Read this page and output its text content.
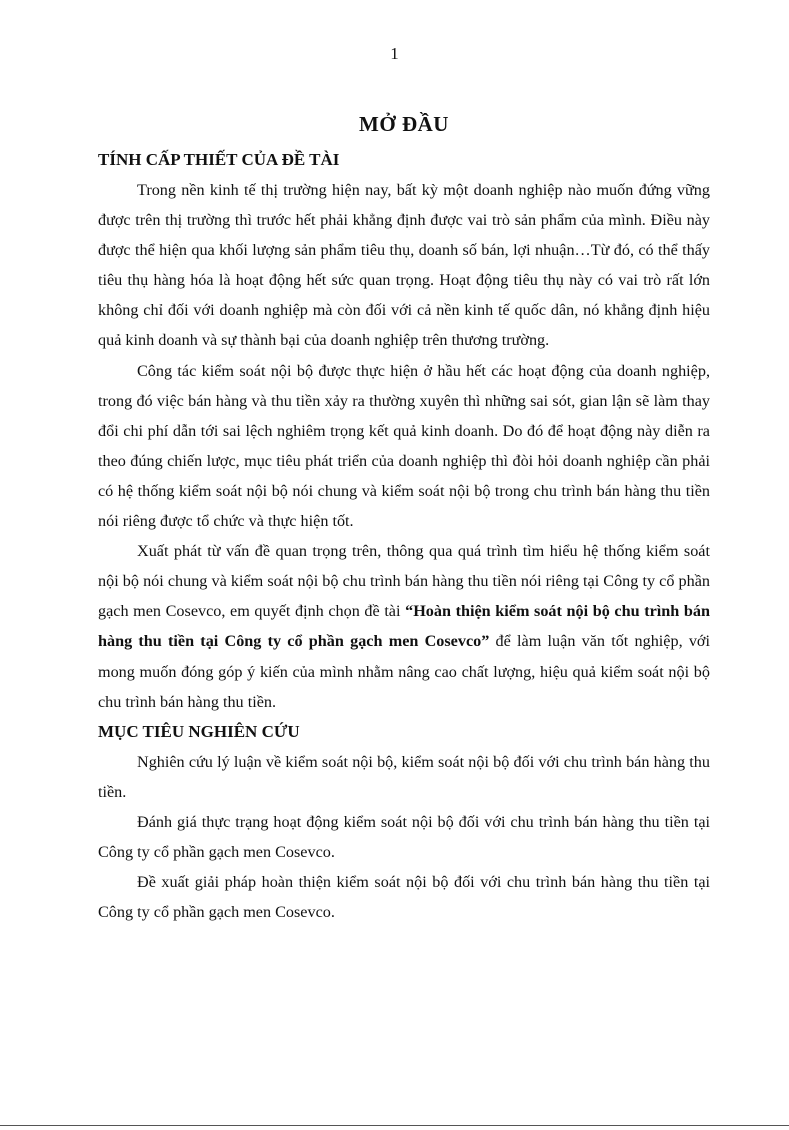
1
MỞ ĐẦU
TÍNH CẤP THIẾT CỦA ĐỀ TÀI

Trong nền kinh tế thị trường hiện nay, bất kỳ một doanh nghiệp nào muốn đứng vững được trên thị trường thì trước hết phải khẳng định được vai trò sản phẩm của mình. Điều này được thể hiện qua khối lượng sản phẩm tiêu thụ, doanh số bán, lợi nhuận…Từ đó, có thể thấy tiêu thụ hàng hóa là hoạt động hết sức quan trọng. Hoạt động tiêu thụ này có vai trò rất lớn không chỉ đối với doanh nghiệp mà còn đối với cả nền kinh tế quốc dân, nó khẳng định hiệu quả kinh doanh và sự thành bại của doanh nghiệp trên thương trường.

Công tác kiểm soát nội bộ được thực hiện ở hầu hết các hoạt động của doanh nghiệp, trong đó việc bán hàng và thu tiền xảy ra thường xuyên thì những sai sót, gian lận sẽ làm thay đổi chi phí dẫn tới sai lệch nghiêm trọng kết quả kinh doanh. Do đó để hoạt động này diễn ra theo đúng chiến lược, mục tiêu phát triển của doanh nghiệp thì đòi hỏi doanh nghiệp cần phải có hệ thống kiểm soát nội bộ nói chung và kiểm soát nội bộ trong chu trình bán hàng thu tiền nói riêng được tổ chức và thực hiện tốt.

Xuất phát từ vấn đề quan trọng trên, thông qua quá trình tìm hiểu hệ thống kiểm soát nội bộ nói chung và kiểm soát nội bộ chu trình bán hàng thu tiền nói riêng tại Công ty cổ phần gạch men Cosevco, em quyết định chọn đề tài “Hoàn thiện kiểm soát nội bộ chu trình bán hàng thu tiền tại Công ty cổ phần gạch men Cosevco” để làm luận văn tốt nghiệp, với mong muốn đóng góp ý kiến của mình nhằm nâng cao chất lượng, hiệu quả kiểm soát nội bộ chu trình bán hàng thu tiền.

MỤC TIÊU NGHIÊN CỨU

Nghiên cứu lý luận về kiểm soát nội bộ, kiểm soát nội bộ đối với chu trình bán hàng thu tiền.

Đánh giá thực trạng hoạt động kiểm soát nội bộ đối với chu trình bán hàng thu tiền tại Công ty cổ phần gạch men Cosevco.

Đề xuất giải pháp hoàn thiện kiểm soát nội bộ đối với chu trình bán hàng thu tiền tại Công ty cổ phần gạch men Cosevco.
